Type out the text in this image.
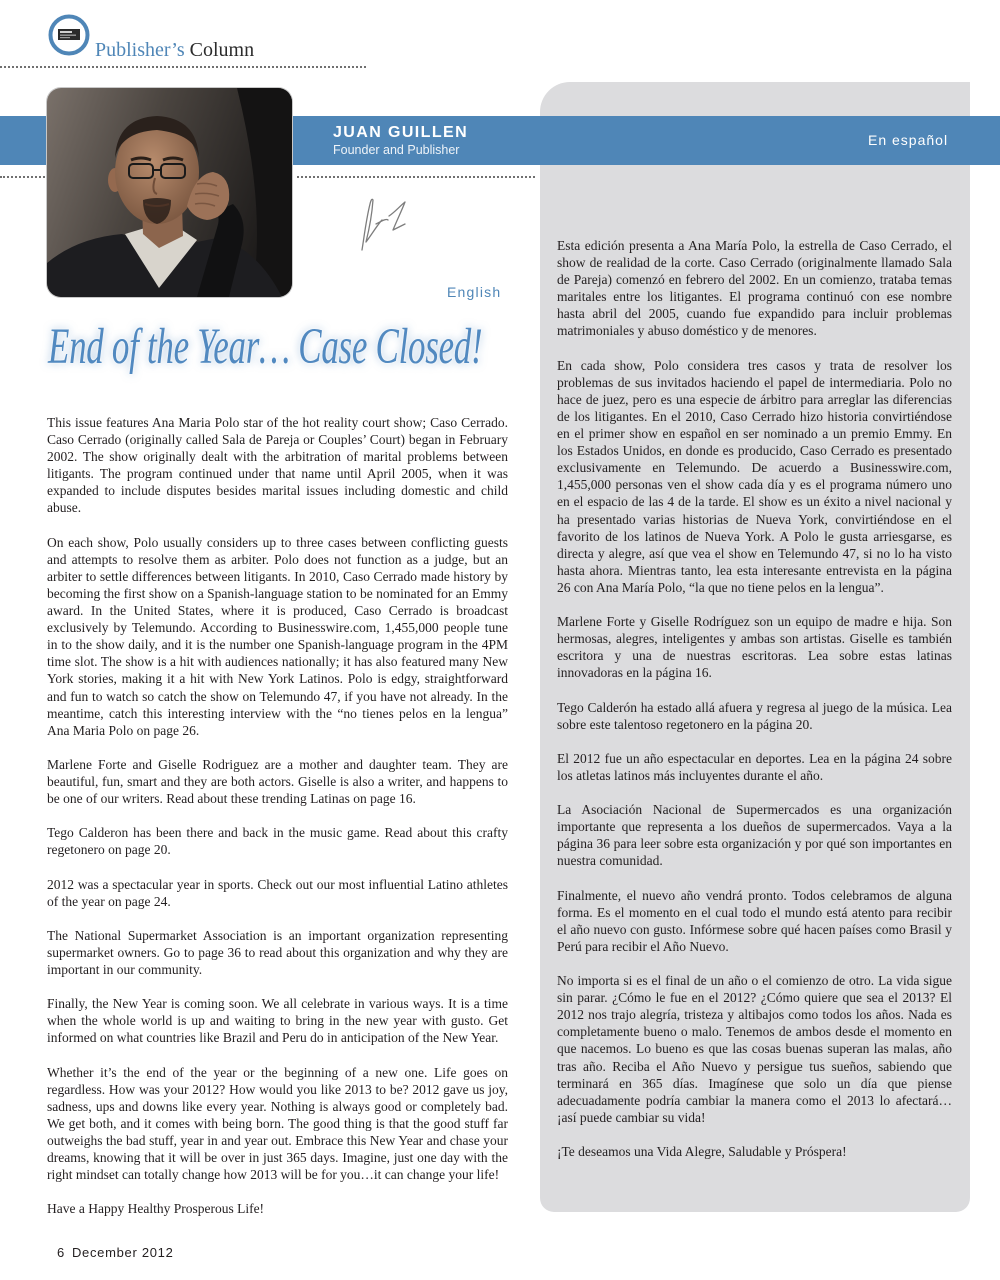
Publisher’s Column
JUAN GUILLEN
Founder and Publisher
En español
English
End of the Year… Case Closed!

This issue features Ana Maria Polo star of the hot reality court show; Caso Cerrado. Caso Cerrado (originally called Sala de Pareja or Couples’ Court) began in February 2002. The show originally dealt with the arbitration of marital problems between litigants. The program continued under that name until April 2005, when it was expanded to include disputes besides marital issues including domestic and child abuse.

On each show, Polo usually considers up to three cases between conflicting guests and attempts to resolve them as arbiter. Polo does not function as a judge, but an arbiter to settle differences between litigants. In 2010, Caso Cerrado made history by becoming the first show on a Spanish-language station to be nominated for an Emmy award. In the United States, where it is produced, Caso Cerrado is broadcast exclusively by Telemundo. According to Businesswire.com, 1,455,000 people tune in to the show daily, and it is the number one Spanish-language program in the 4PM time slot. The show is a hit with audiences nationally; it has also featured many New York stories, making it a hit with New York Latinos. Polo is edgy, straightforward and fun to watch so catch the show on Telemundo 47, if you have not already. In the meantime, catch this interesting interview with the “no tienes pelos en la lengua” Ana Maria Polo on page 26.

Marlene Forte and Giselle Rodriguez are a mother and daughter team. They are beautiful, fun, smart and they are both actors. Giselle is also a writer, and happens to be one of our writers. Read about these trending Latinas on page 16.

Tego Calderon has been there and back in the music game. Read about this crafty regetonero on page 20.

2012 was a spectacular year in sports. Check out our most influential Latino athletes of the year on page 24.

The National Supermarket Association is an important organization representing supermarket owners. Go to page 36 to read about this organization and why they are important in our community.

Finally, the New Year is coming soon. We all celebrate in various ways. It is a time when the whole world is up and waiting to bring in the new year with gusto. Get informed on what countries like Brazil and Peru do in anticipation of the New Year.

Whether it’s the end of the year or the beginning of a new one. Life goes on regardless. How was your 2012? How would you like 2013 to be? 2012 gave us joy, sadness, ups and downs like every year. Nothing is always good or completely bad. We get both, and it comes with being born. The good thing is that the good stuff far outweighs the bad stuff, year in and year out. Embrace this New Year and chase your dreams, knowing that it will be over in just 365 days. Imagine, just one day with the right mindset can totally change how 2013 will be for you…it can change your life!

Have a Happy Healthy Prosperous Life!

Esta edición presenta a Ana María Polo, la estrella de Caso Cerrado, el show de realidad de la corte. Caso Cerrado (originalmente llamado Sala de Pareja) comenzó en febrero del 2002. En un comienzo, trataba temas maritales entre los litigantes. El programa continuó con ese nombre hasta abril del 2005, cuando fue expandido para incluir problemas matrimoniales y abuso doméstico y de menores.

En cada show, Polo considera tres casos y trata de resolver los problemas de sus invitados haciendo el papel de intermediaria. Polo no hace de juez, pero es una especie de árbitro para arreglar las diferencias de los litigantes. En el 2010, Caso Cerrado hizo historia convirtiéndose en el primer show en español en ser nominado a un premio Emmy. En los Estados Unidos, en donde es producido, Caso Cerrado es presentado exclusivamente en Telemundo. De acuerdo a Businesswire.com, 1,455,000 personas ven el show cada día y es el programa número uno en el espacio de las 4 de la tarde. El show es un éxito a nivel nacional y ha presentado varias historias de Nueva York, convirtiéndose en el favorito de los latinos de Nueva York. A Polo le gusta arriesgarse, es directa y alegre, así que vea el show en Telemundo 47, si no lo ha visto hasta ahora. Mientras tanto, lea esta interesante entrevista en la página 26 con Ana María Polo, “la que no tiene pelos en la lengua”.

Marlene Forte y Giselle Rodríguez son un equipo de madre e hija. Son hermosas, alegres, inteligentes y ambas son artistas. Giselle es también escritora y una de nuestras escritoras. Lea sobre estas latinas innovadoras en la página 16.

Tego Calderón ha estado allá afuera y regresa al juego de la música. Lea sobre este talentoso regetonero en la página 20.

El 2012 fue un año espectacular en deportes. Lea en la página 24 sobre los atletas latinos más incluyentes durante el año.

La Asociación Nacional de Supermercados es una organización importante que representa a los dueños de supermercados. Vaya a la página 36 para leer sobre esta organización y por qué son importantes en nuestra comunidad.

Finalmente, el nuevo año vendrá pronto. Todos celebramos de alguna forma. Es el momento en el cual todo el mundo está atento para recibir el año nuevo con gusto. Infórmese sobre qué hacen países como Brasil y Perú para recibir el Año Nuevo.

No importa si es el final de un año o el comienzo de otro. La vida sigue sin parar. ¿Cómo le fue en el 2012? ¿Cómo quiere que sea el 2013? El 2012 nos trajo alegría, tristeza y altibajos como todos los años. Nada es completamente bueno o malo. Tenemos de ambos desde el momento en que nacemos. Lo bueno es que las cosas buenas superan las malas, año tras año. Reciba el Año Nuevo y persigue tus sueños, sabiendo que terminará en 365 días. Imagínese que solo un día que piense adecuadamente podría cambiar la manera como el 2013 lo afectará… ¡así puede cambiar su vida!

¡Te deseamos una Vida Alegre, Saludable y Próspera!

6 December 2012
